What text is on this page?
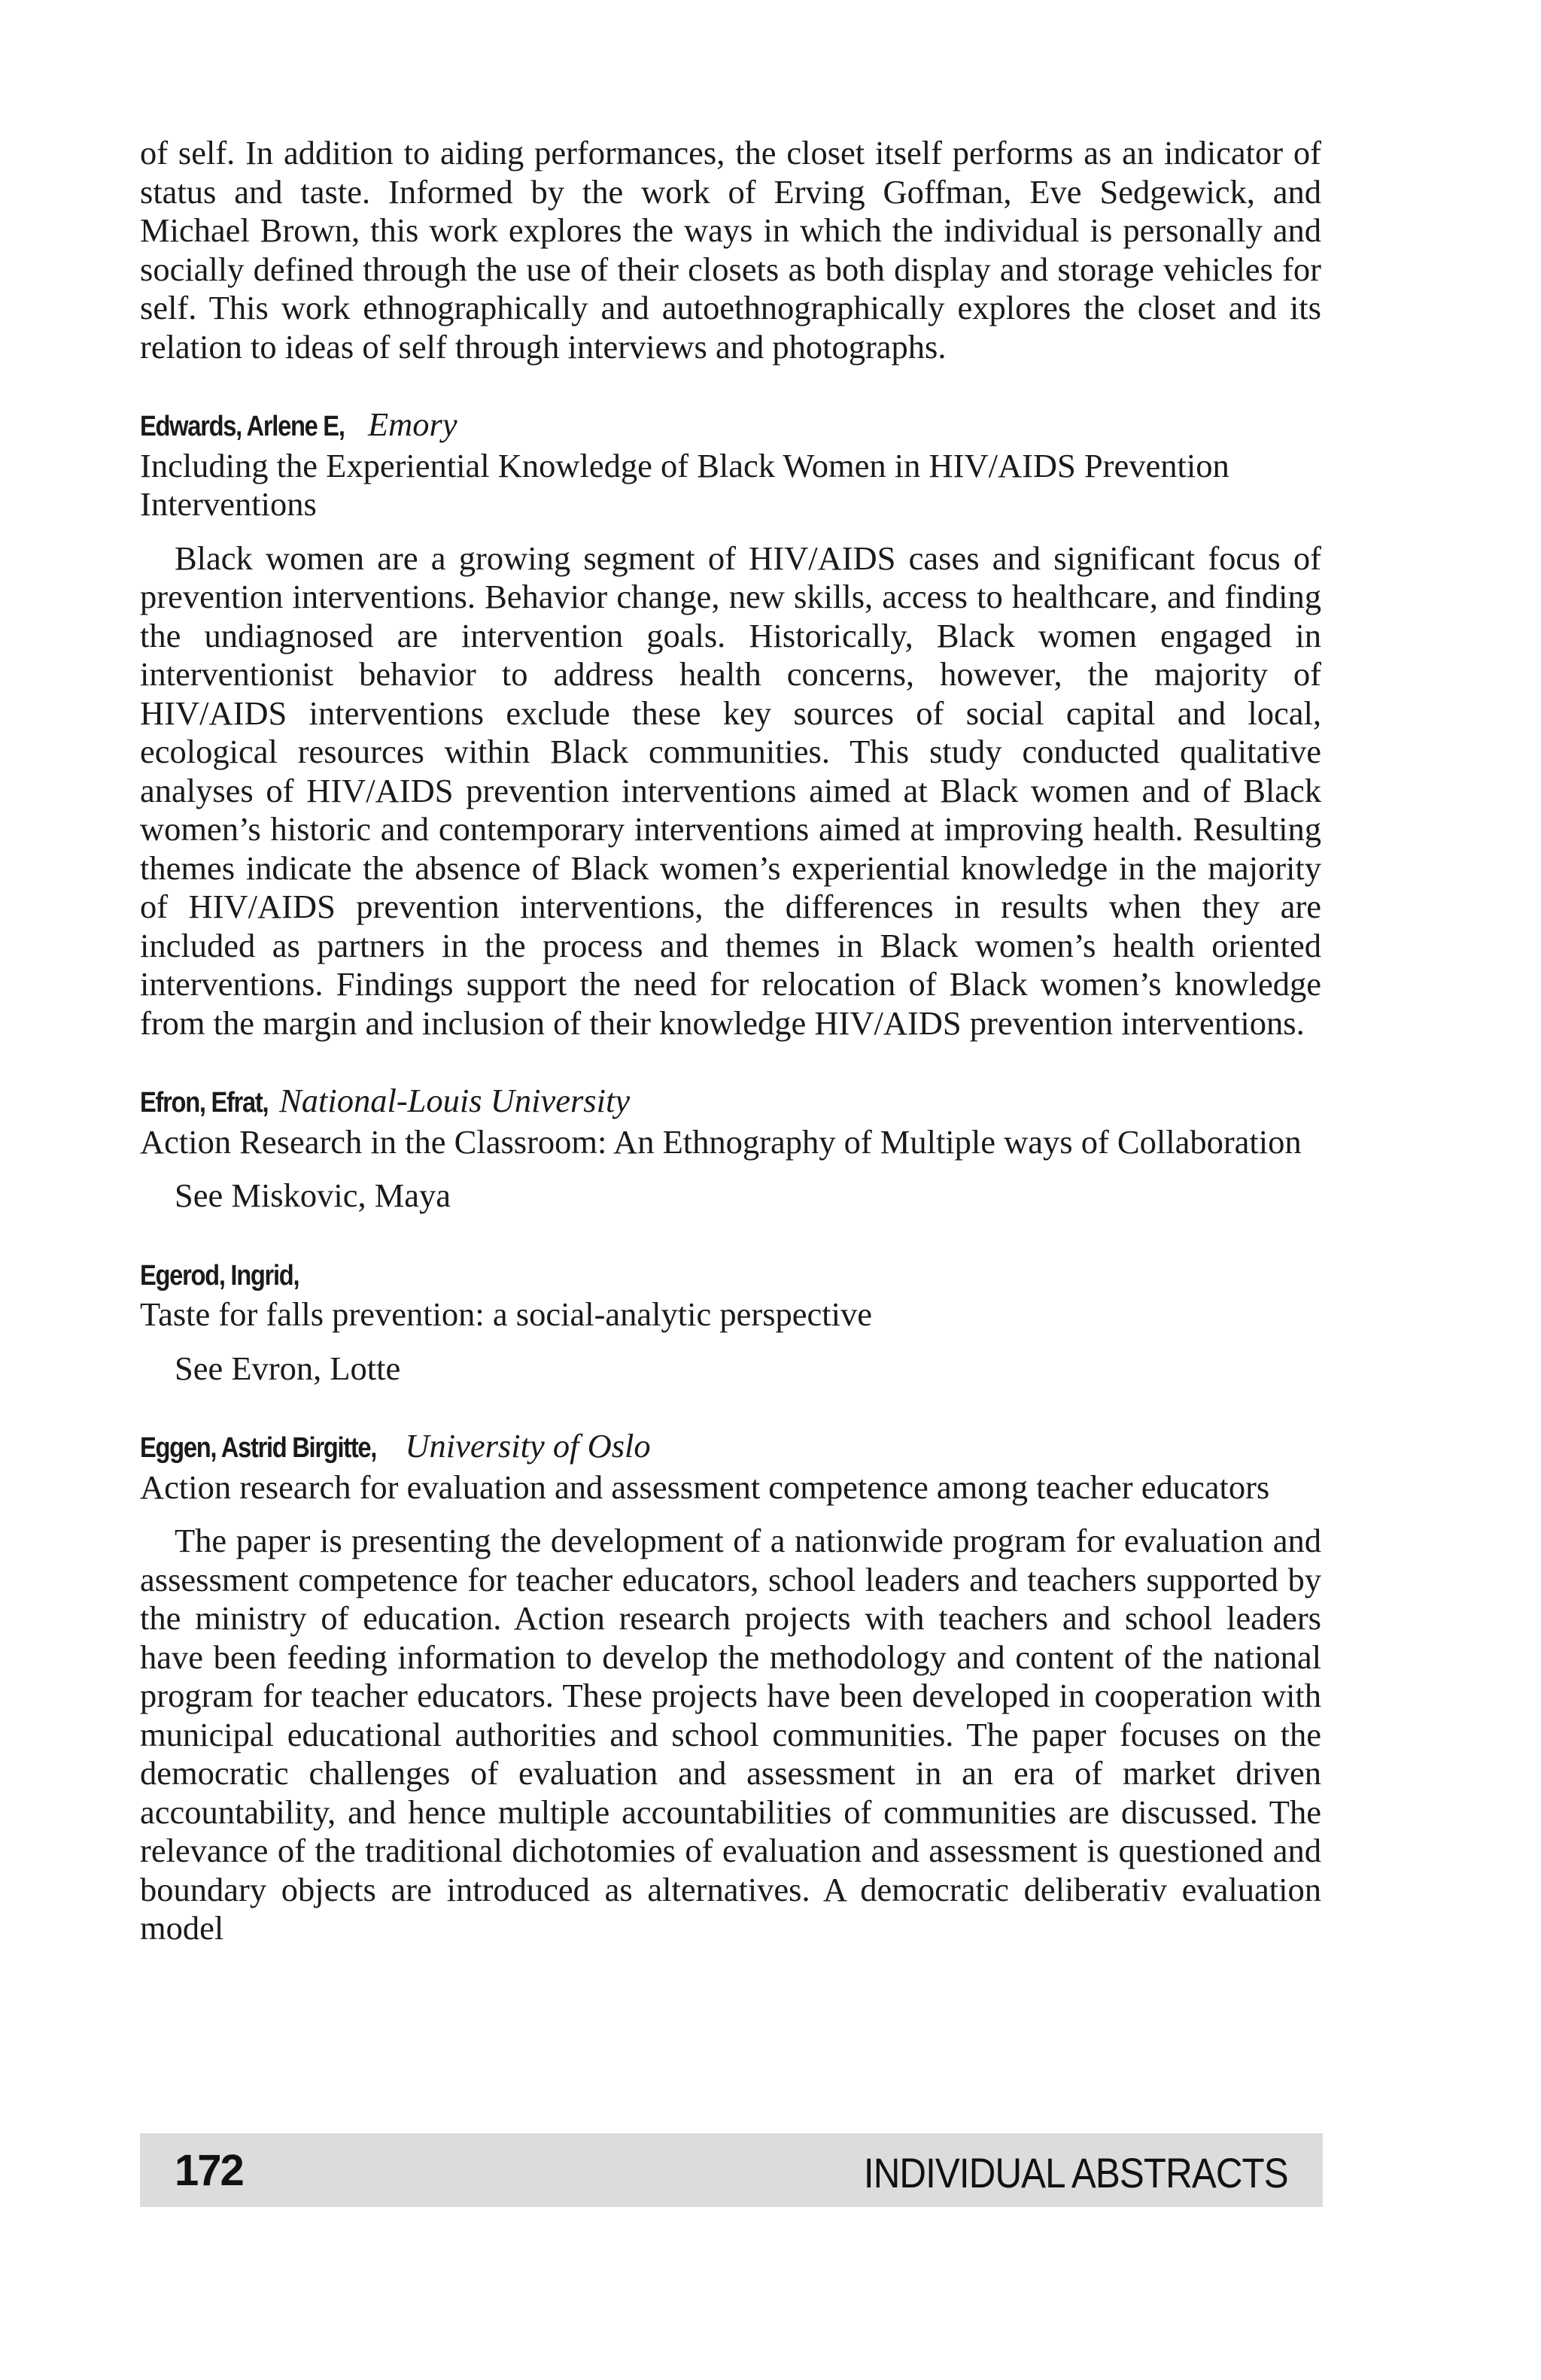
of self. In addition to aiding performances, the closet itself performs as an indicator of status and taste. Informed by the work of Erving Goffman, Eve Sedgewick, and Michael Brown, this work explores the ways in which the individual is personally and socially defined through the use of their closets as both display and storage vehicles for self. This work ethnographically and autoethnographically explores the closet and its relation to ideas of self through interviews and photographs.

Edwards, Arlene E, Emory

Including the Experiential Knowledge of Black Women in HIV/AIDS Prevention Interventions

Black women are a growing segment of HIV/AIDS cases and significant focus of prevention interventions. Behavior change, new skills, access to healthcare, and finding the undiagnosed are intervention goals. Historically, Black women engaged in interventionist behavior to address health concerns, however, the majority of HIV/AIDS interventions exclude these key sources of social capital and local, ecological resources within Black communities. This study conducted qualitative analyses of HIV/AIDS prevention interventions aimed at Black women and of Black women’s historic and contemporary interventions aimed at improving health. Resulting themes indicate the absence of Black women’s experiential knowledge in the majority of HIV/AIDS prevention interventions, the differences in results when they are included as partners in the process and themes in Black women’s health oriented interventions. Findings support the need for relocation of Black women’s knowledge from the margin and inclusion of their knowledge HIV/AIDS prevention interventions.

Efron, Efrat, National-Louis University

Action Research in the Classroom: An Ethnography of Multiple ways of Collaboration

See Miskovic, Maya

Egerod, Ingrid,

Taste for falls prevention: a social-analytic perspective

See Evron, Lotte

Eggen, Astrid Birgitte, University of Oslo

Action research for evaluation and assessment competence among teacher educators

The paper is presenting the development of a nationwide program for evaluation and assessment competence for teacher educators, school leaders and teachers supported by the ministry of education. Action research projects with teachers and school leaders have been feeding information to develop the methodology and content of the national program for teacher educators. These projects have been developed in cooperation with municipal educational authorities and school communities. The paper focuses on the democratic challenges of evaluation and assessment in an era of market driven accountability, and hence multiple accountabilities of communities are discussed. The relevance of the traditional dichotomies of evaluation and assessment is questioned and boundary objects are introduced as alternatives. A democratic deliberativ evaluation model

172	INDIVIDUAL ABSTRACTS
